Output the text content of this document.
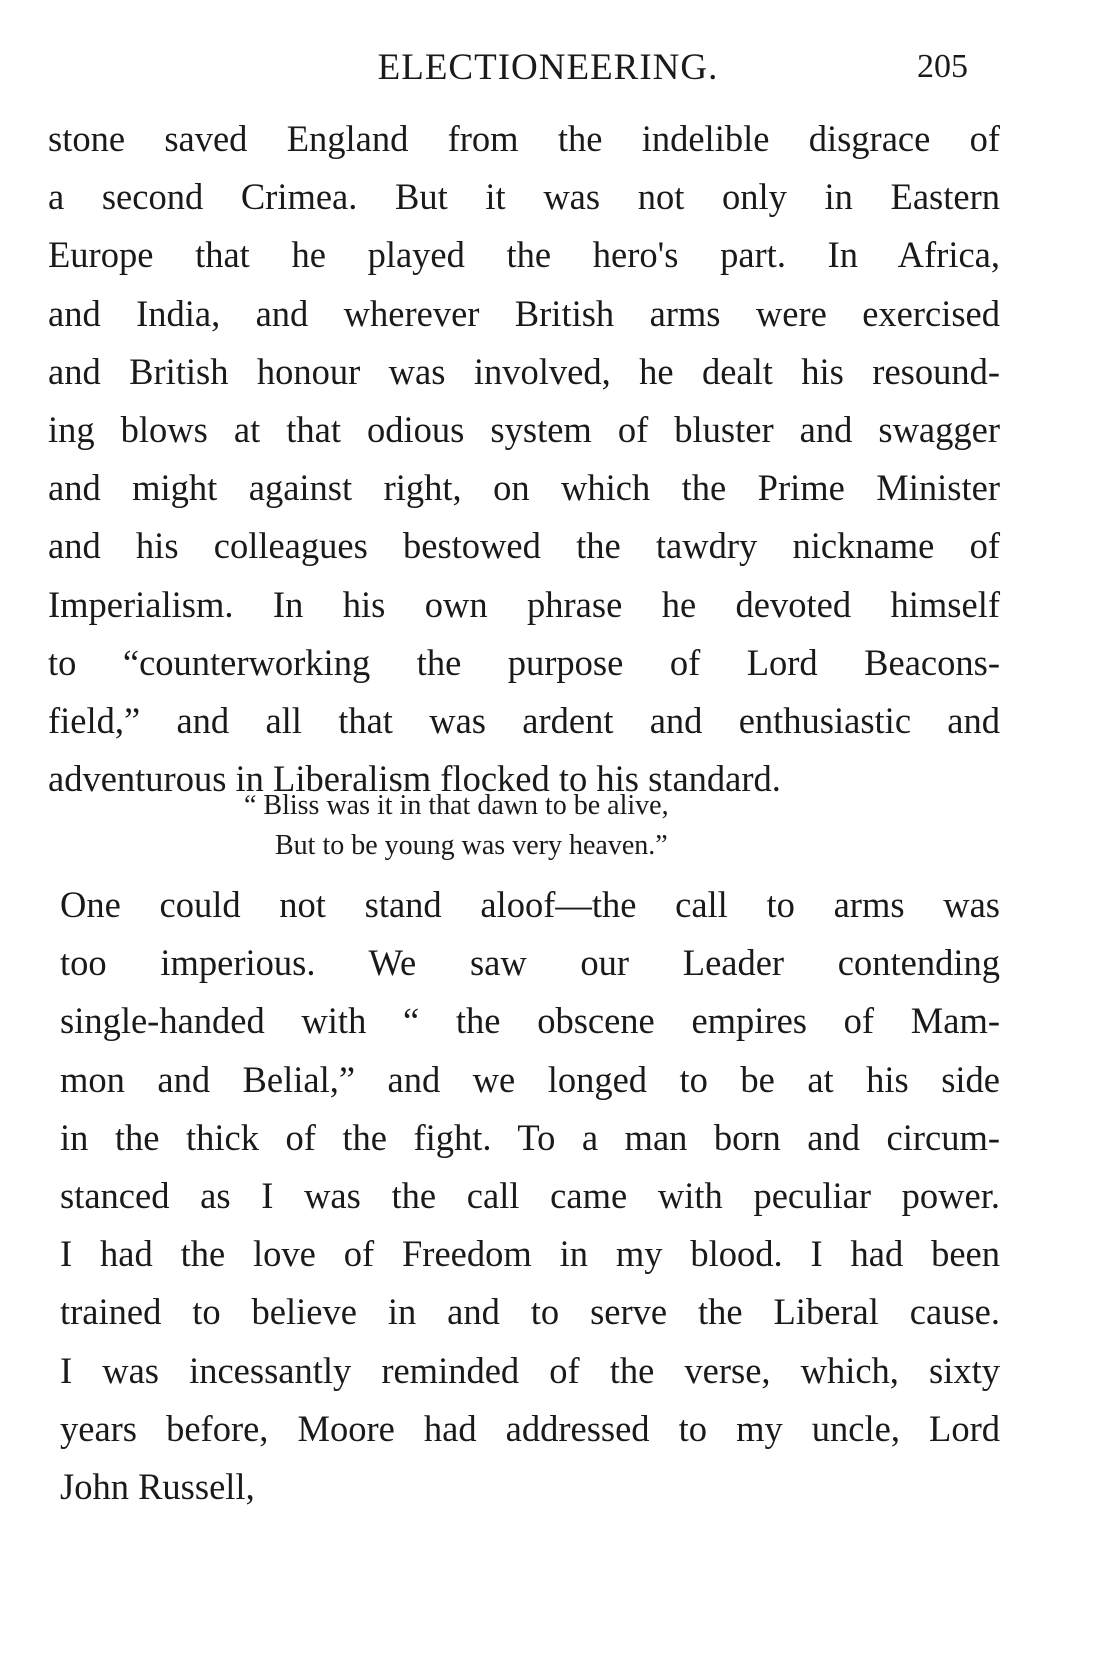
ELECTIONEERING.	205
stone saved England from the indelible disgrace of
a second Crimea. But it was not only in Eastern
Europe that he played the hero's part. In Africa,
and India, and wherever British arms were exercised
and British honour was involved, he dealt his resound-
ing blows at that odious system of bluster and swagger
and might against right, on which the Prime Minister
and his colleagues bestowed the tawdry nickname of
Imperialism. In his own phrase he devoted himself
to “counterworking the purpose of Lord Beacons-
field,” and all that was ardent and enthusiastic and
adventurous in Liberalism flocked to his standard.
“ Bliss was it in that dawn to be alive,
But to be young was very heaven.”
One could not stand aloof—the call to arms was
too imperious. We saw our Leader contending
single-handed with “ the obscene empires of Mam-
mon and Belial,” and we longed to be at his side
in the thick of the fight. To a man born and circum-
stanced as I was the call came with peculiar power.
I had the love of Freedom in my blood. I had been
trained to believe in and to serve the Liberal cause.
I was incessantly reminded of the verse, which, sixty
years before, Moore had addressed to my uncle, Lord
John Russell,
